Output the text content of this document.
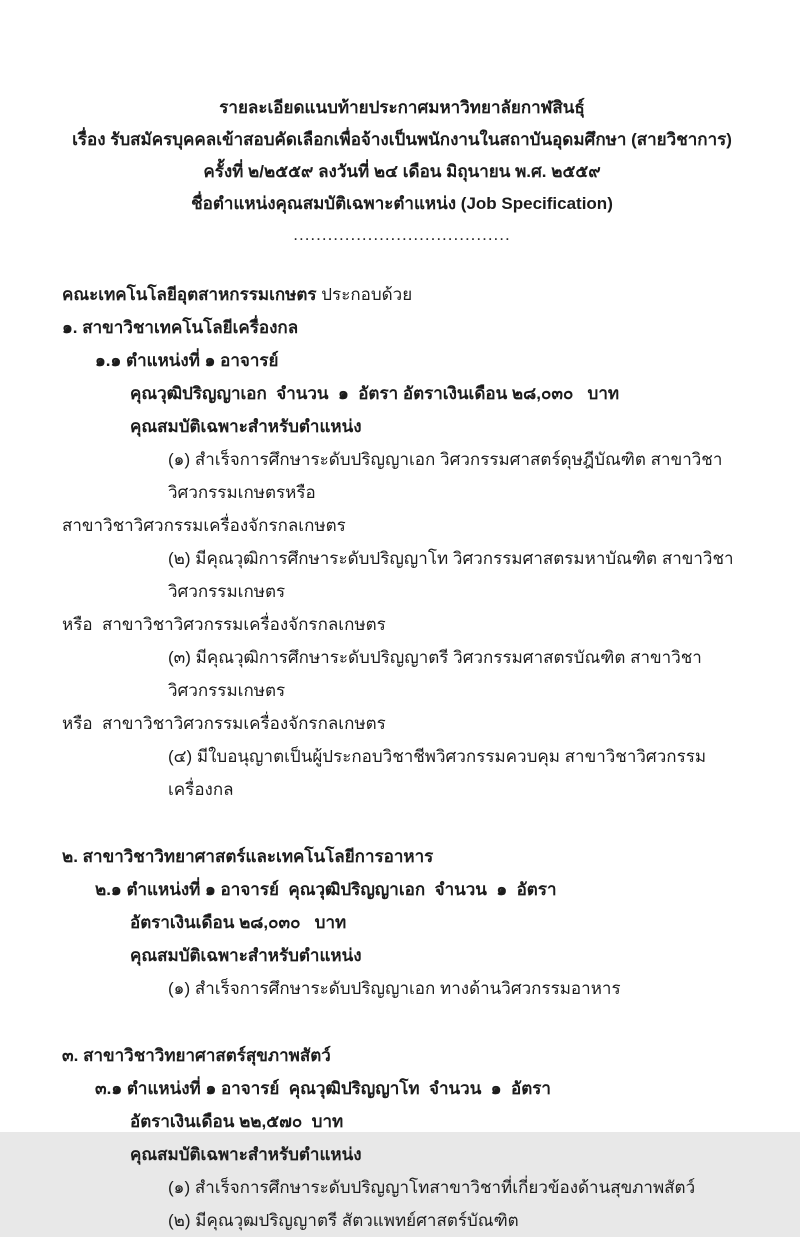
รายละเอียดแนบท้ายประกาศมหาวิทยาลัยกาฬสินธุ์
เรื่อง รับสมัครบุคคลเข้าสอบคัดเลือกเพื่อจ้างเป็นพนักงานในสถาบันอุดมศึกษา (สายวิชาการ)
ครั้งที่ ๒/๒๕๕๙ ลงวันที่ ๒๔ เดือน มิถุนายน พ.ศ. ๒๕๕๙
ชื่อตำแหน่งคุณสมบัติเฉพาะตำแหน่ง (Job Specification)
......................................
คณะเทคโนโลยีอุตสาหกรรมเกษตร ประกอบด้วย
๑. สาขาวิชาเทคโนโลยีเครื่องกล
๑.๑ ตำแหน่งที่ ๑ อาจารย์
คุณวุฒิปริญญาเอก  จำนวน  ๑  อัตรา อัตราเงินเดือน ๒๘,๐๓๐   บาท
คุณสมบัติเฉพาะสำหรับตำแหน่ง
(๑) สำเร็จการศึกษาระดับปริญญาเอก วิศวกรรมศาสตร์ดุษฎีบัณฑิต สาขาวิชาวิศวกรรมเกษตรหรือ
สาขาวิชาวิศวกรรมเครื่องจักรกลเกษตร
(๒) มีคุณวุฒิการศึกษาระดับปริญญาโท วิศวกรรมศาสตรมหาบัณฑิต สาขาวิชาวิศวกรรมเกษตร
หรือ  สาขาวิชาวิศวกรรมเครื่องจักรกลเกษตร
(๓) มีคุณวุฒิการศึกษาระดับปริญญาตรี วิศวกรรมศาสตรบัณฑิต สาขาวิชาวิศวกรรมเกษตร
หรือ  สาขาวิชาวิศวกรรมเครื่องจักรกลเกษตร
(๔) มีใบอนุญาตเป็นผู้ประกอบวิชาชีพวิศวกรรมควบคุม สาขาวิชาวิศวกรรมเครื่องกล
๒. สาขาวิชาวิทยาศาสตร์และเทคโนโลยีการอาหาร
๒.๑ ตำแหน่งที่ ๑ อาจารย์  คุณวุฒิปริญญาเอก  จำนวน  ๑  อัตรา
อัตราเงินเดือน ๒๘,๐๓๐   บาท
คุณสมบัติเฉพาะสำหรับตำแหน่ง
(๑) สำเร็จการศึกษาระดับปริญญาเอก ทางด้านวิศวกรรมอาหาร
๓. สาขาวิชาวิทยาศาสตร์สุขภาพสัตว์
๓.๑ ตำแหน่งที่ ๑ อาจารย์  คุณวุฒิปริญญาโท  จำนวน  ๑  อัตรา
อัตราเงินเดือน ๒๒,๕๗๐  บาท
คุณสมบัติเฉพาะสำหรับตำแหน่ง
(๑) สำเร็จการศึกษาระดับปริญญาโทสาขาวิชาที่เกี่ยวข้องด้านสุขภาพสัตว์
(๒) มีคุณวุฒปริญญาตรี สัตวแพทย์ศาสตร์บัณฑิต
